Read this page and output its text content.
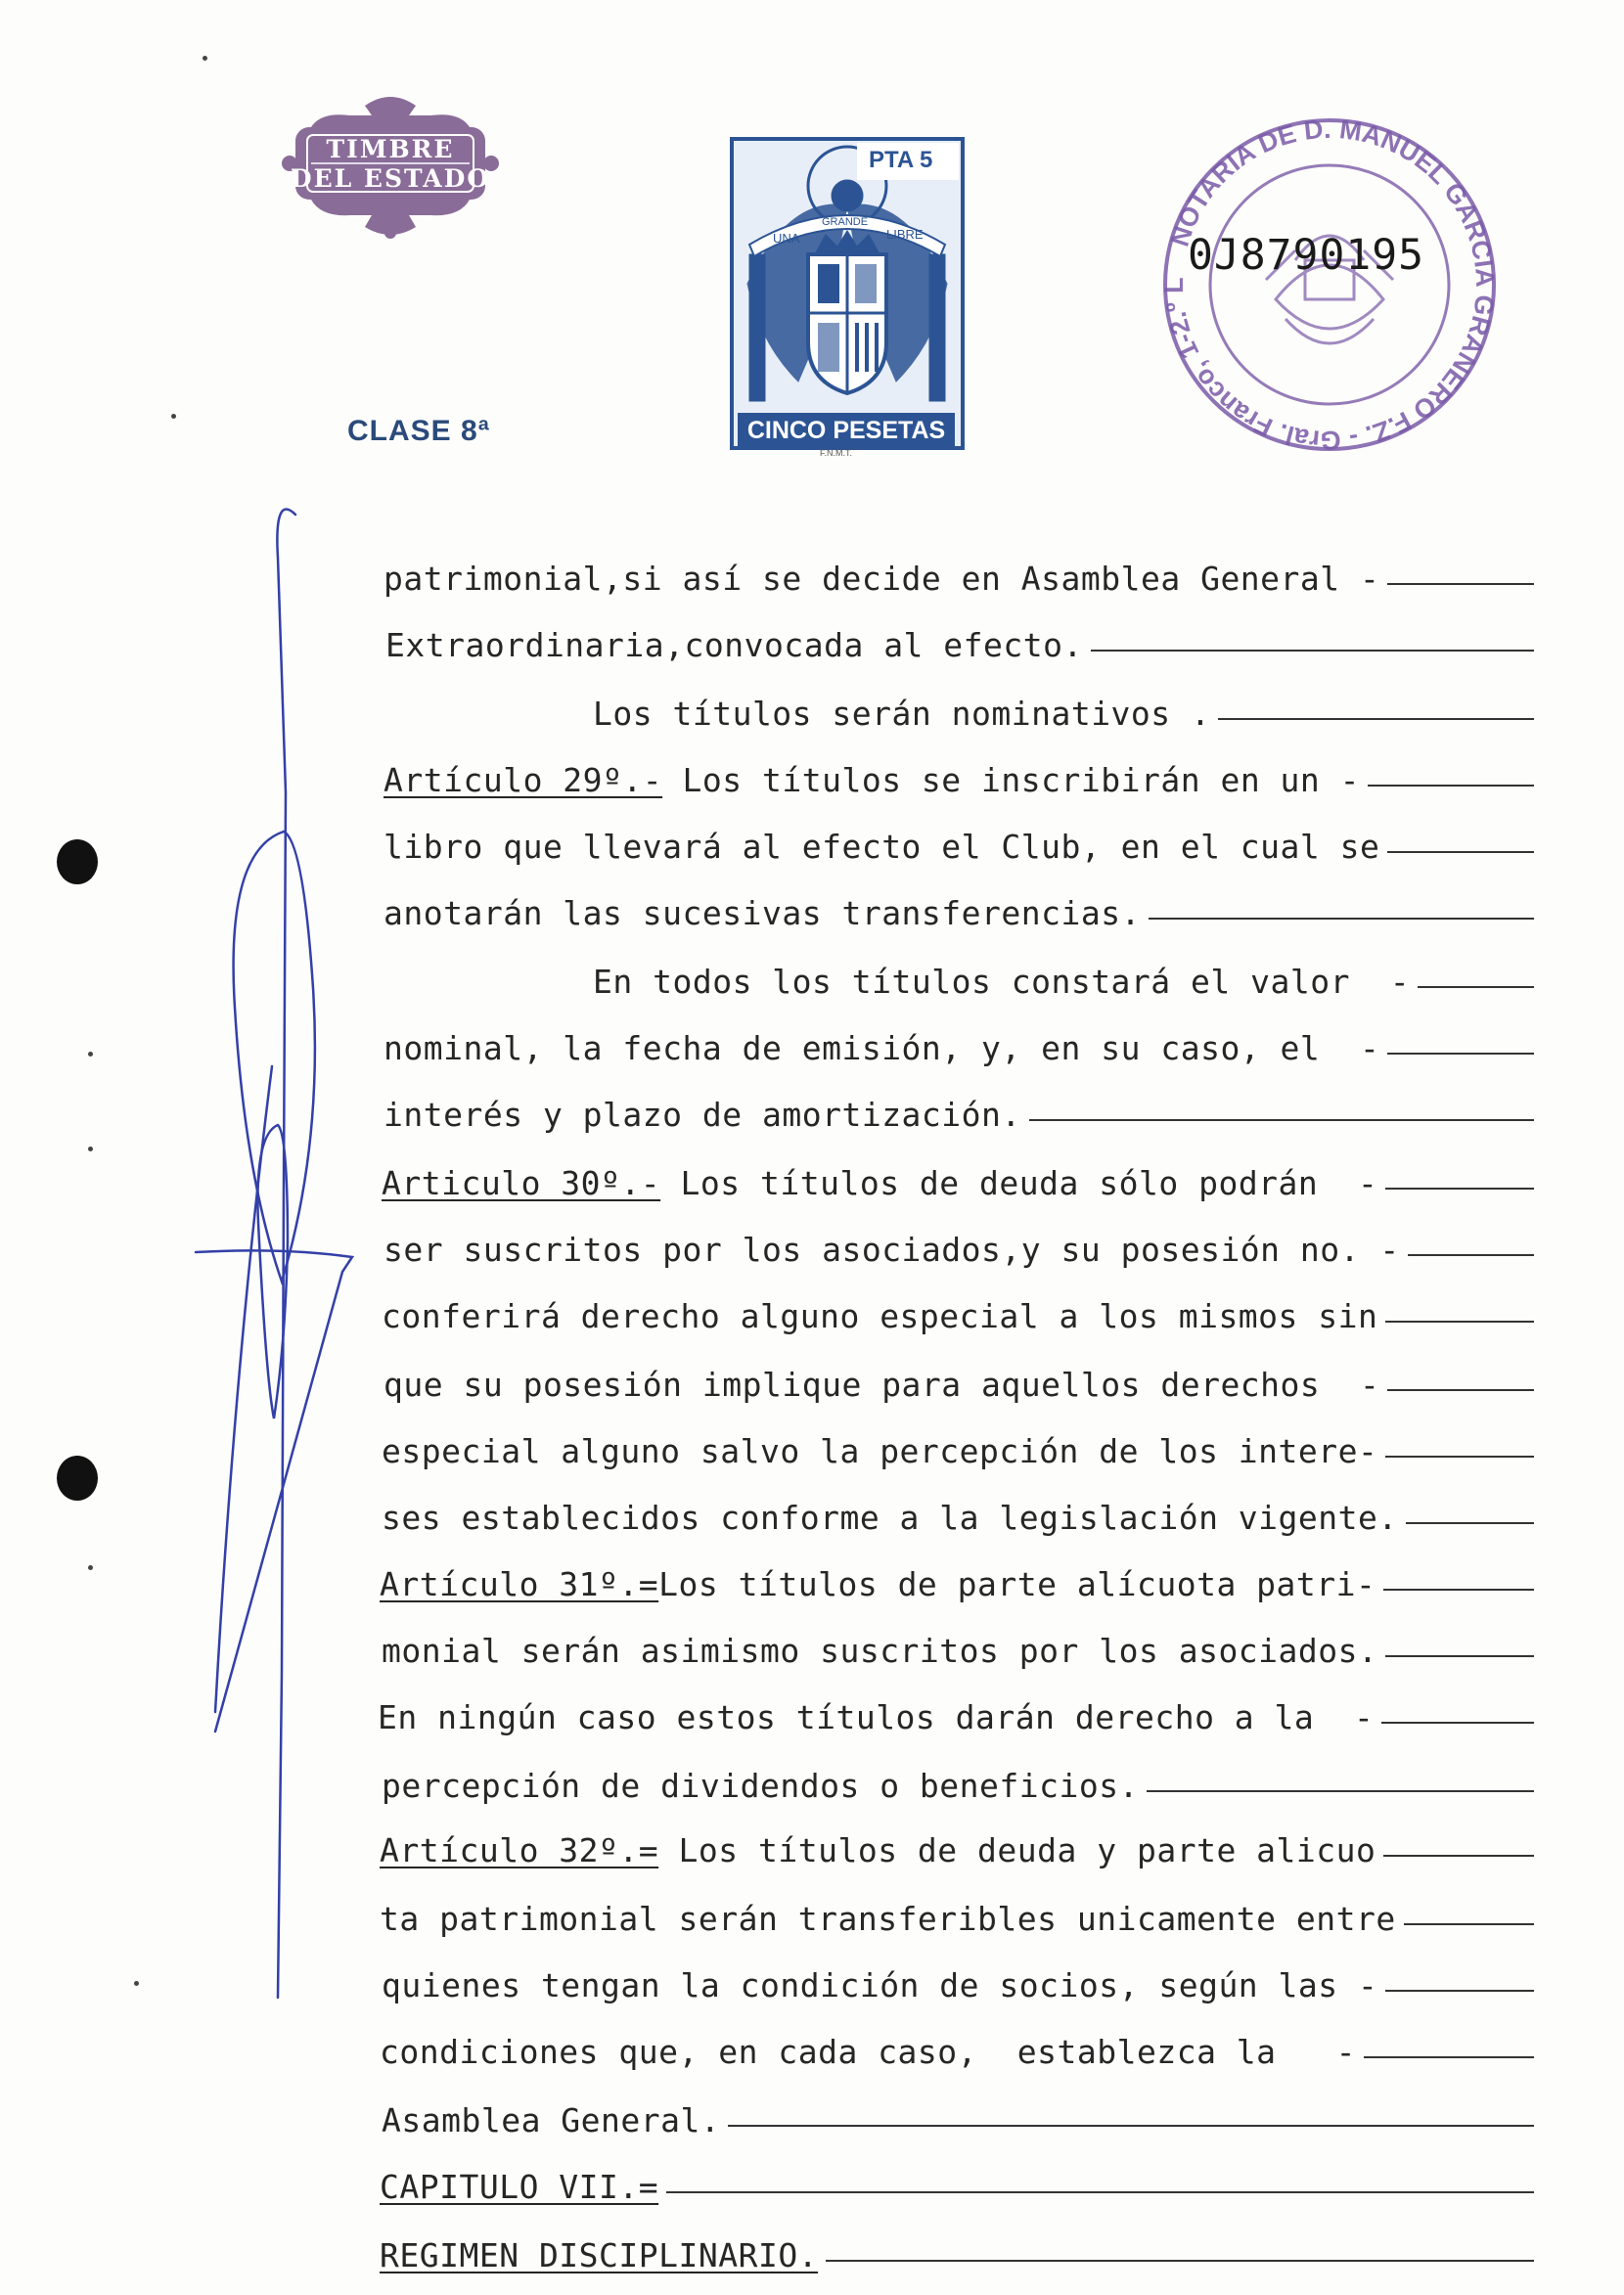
TIMBRE
DEL ESTADO
CLASE 8ª
UNA
GRANDE
LIBRE
PTA 5
CINCO PESETAS
F.N.M.T.
NOTARIA DE D. MANUEL GARCIA GRANERO F.Z. - Gral. Franco, 1-2.º L
0J8790195
patrimonial,si así se decide en Asamblea General -
Extraordinaria,convocada al efecto.
Los títulos serán nominativos .
Artículo 29º.- Los títulos se inscribirán en un -
libro que llevará al efecto el Club, en el cual se
anotarán las sucesivas transferencias.
En todos los títulos constará el valor  -
nominal, la fecha de emisión, y, en su caso, el  -
interés y plazo de amortización.
Articulo 30º.- Los títulos de deuda sólo podrán  -
ser suscritos por los asociados,y su posesión no. -
conferirá derecho alguno especial a los mismos sin
que su posesión implique para aquellos derechos  -
especial alguno salvo la percepción de los intere-
ses establecidos conforme a la legislación vigente.
Artículo 31º.=Los títulos de parte alícuota patri-
monial serán asimismo suscritos por los asociados.
En ningún caso estos títulos darán derecho a la  -
percepción de dividendos o beneficios.
Artículo 32º.= Los títulos de deuda y parte alicuo
ta patrimonial serán transferibles unicamente entre
quienes tengan la condición de socios, según las -
condiciones que, en cada caso,  establezca la   -
Asamblea General.
CAPITULO VII.=
REGIMEN DISCIPLINARIO.
